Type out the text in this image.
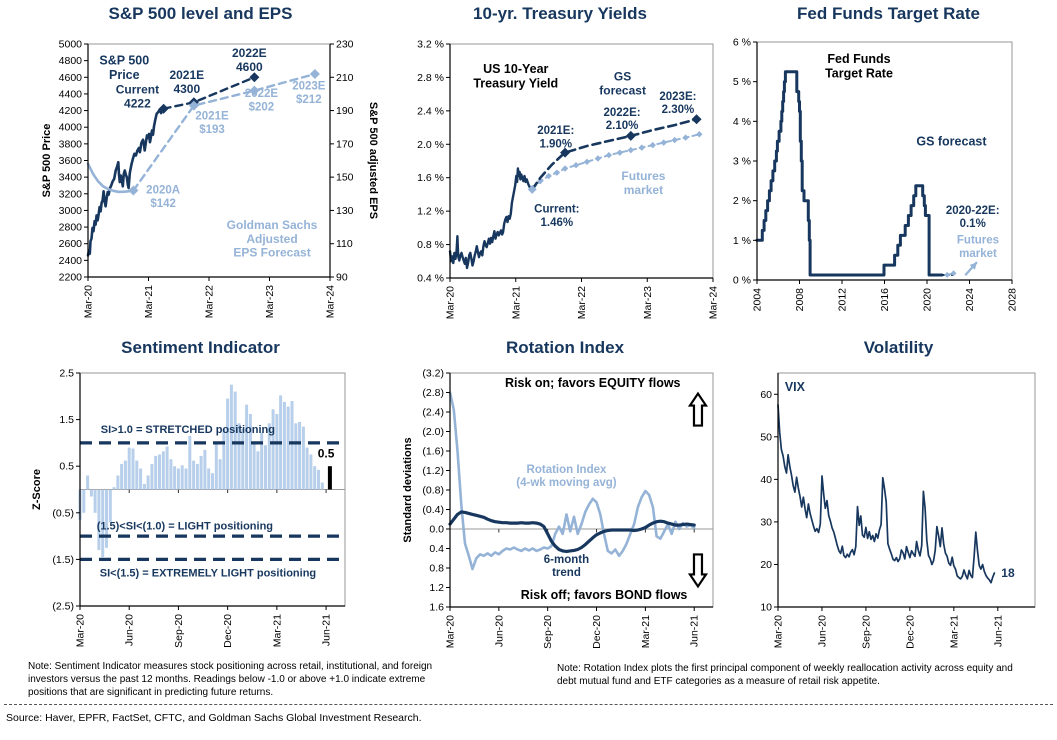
S&P 500 level and EPS	10-yr. Treasury Yields	Fed Funds Target Rate
Sentiment Indicator	Rotation Index	Volatility
2200
2400
2600
2800
3000
3200
3400
3600
3800
4000
4200
4400
4600
4800
5000
90
110
130
150
170
190
210
230
Mar-20	Mar-21	Mar-22	Mar-23	Mar-24
S&P 500 Price	S&P 500 adjusted EPS
S&P 500 Price
Current 4222
2021E 4300
2022E 4600
2020A $142
2021E $193
2022E $202
2023E $212
Goldman Sachs Adjusted EPS Forecast
0.4 %
0.8 %
1.2 %
1.6 %
2.0 %
2.4 %
2.8 %
3.2 %
Mar-20	Mar-21	Mar-22	Mar-23	Mar-24
US 10-Year Treasury Yield	GS forecast
2021E: 1.90%
2022E: 2.10%
2023E: 2.30%
Current: 1.46%
Futures market
0 %
1 %
2 %
3 %
4 %
5 %
6 %
2004	2008	2012	2016	2020	2024	2028
Fed Funds Target Rate
GS forecast
2020-22E: 0.1%
Futures market
2.5
1.5
0.5
(0.5)
(1.5)
(2.5)
Mar-20	Jun-20	Sep-20	Dec-20	Mar-21	Jun-21
Z-Score
SI>1.0 = STRETCHED positioning
(1.5)<SI<(1.0) = LIGHT positioning
SI<(1.5) = EXTREMELY LIGHT positioning
0.5
(3.2)
(2.8)
(2.4)
(2.0)
(1.6)
(1.2)
(0.8)
(0.4)
0.0
0.4
0.8
1.2
1.6
Mar-20	Jun-20	Sep-20	Dec-20	Mar-21	Jun-21
Standard deviations
Risk on; favors EQUITY flows
Rotation Index (4-wk moving avg)
6-month trend
Risk off; favors BOND flows
10
20
30
40
50
60
Mar-20	Jun-20	Sep-20	Dec-20	Mar-21	Jun-21
VIX
18
Note: Sentiment Indicator measures stock positioning across retail, institutional, and foreign investors versus the past 12 months. Readings below -1.0 or above +1.0 indicate extreme positions that are significant in predicting future returns.
Note: Rotation Index plots the first principal component of weekly reallocation activity across equity and debt mutual fund and ETF categories as a measure of retail risk appetite.
Source: Haver, EPFR, FactSet, CFTC, and Goldman Sachs Global Investment Research.
